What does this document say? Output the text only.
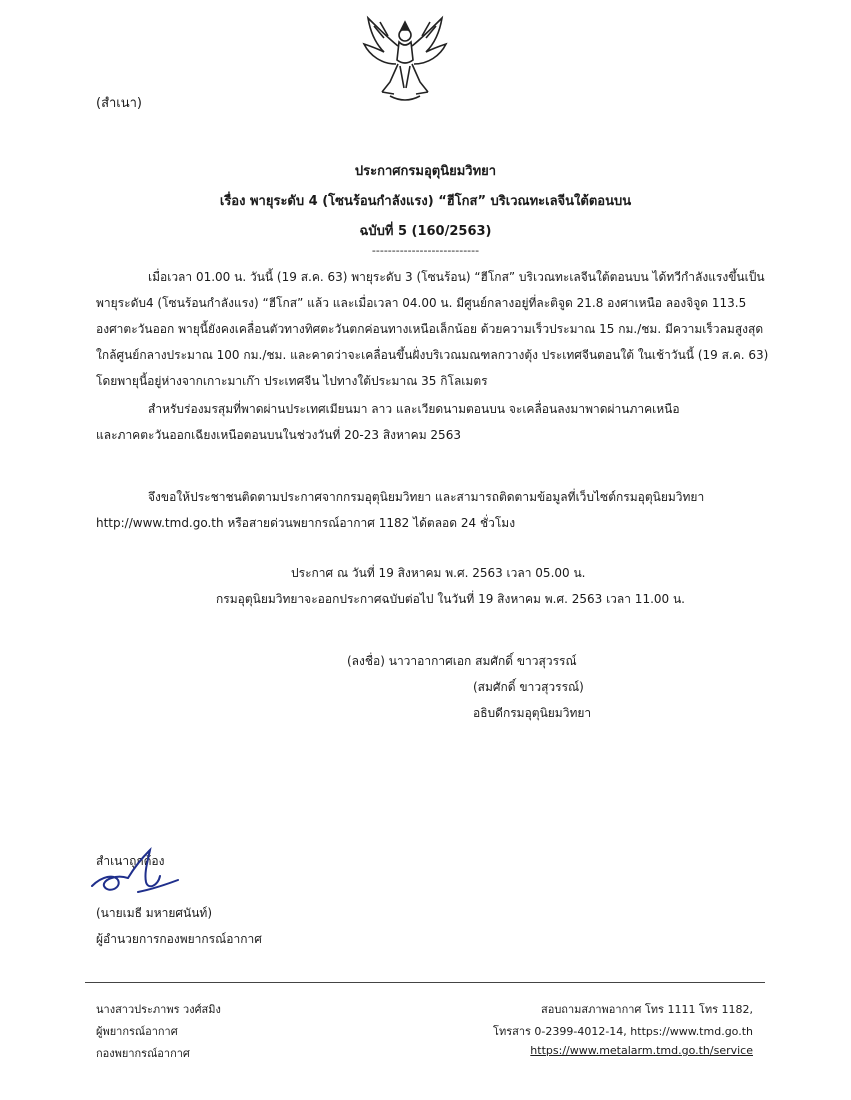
(สำเนา)
ประกาศกรมอุตุนิยมวิทยา
เรื่อง พายุระดับ 4 (โซนร้อนกำลังแรง) “ฮีโกส” บริเวณทะเลจีนใต้ตอนบน
ฉบับที่ 5 (160/2563)
---------------------------
เมื่อเวลา 01.00 น. วันนี้ (19 ส.ค. 63) พายุระดับ 3 (โซนร้อน) “ฮีโกส” บริเวณทะเลจีนใต้ตอนบน ได้ทวีกำลังแรงขึ้นเป็น
พายุระดับ4 (โซนร้อนกำลังแรง) “ฮีโกส” แล้ว และเมื่อเวลา 04.00 น. มีศูนย์กลางอยู่ที่ละติจูด 21.8 องศาเหนือ ลองจิจูด 113.5
องศาตะวันออก พายุนี้ยังคงเคลื่อนตัวทางทิศตะวันตกค่อนทางเหนือเล็กน้อย ด้วยความเร็วประมาณ 15 กม./ชม. มีความเร็วลมสูงสุด
ใกล้ศูนย์กลางประมาณ 100 กม./ชม. และคาดว่าจะเคลื่อนขึ้นฝั่งบริเวณมณฑลกวางตุ้ง ประเทศจีนตอนใต้ ในเช้าวันนี้ (19 ส.ค. 63)
โดยพายุนี้อยู่ห่างจากเกาะมาเก๊า ประเทศจีน ไปทางใต้ประมาณ 35 กิโลเมตร
สำหรับร่องมรสุมที่พาดผ่านประเทศเมียนมา ลาว และเวียดนามตอนบน จะเคลื่อนลงมาพาดผ่านภาคเหนือ
และภาคตะวันออกเฉียงเหนือตอนบนในช่วงวันที่ 20-23 สิงหาคม 2563
จึงขอให้ประชาชนติดตามประกาศจากกรมอุตุนิยมวิทยา และสามารถติดตามข้อมูลที่เว็บไซต์กรมอุตุนิยมวิทยา
http://www.tmd.go.th หรือสายด่วนพยากรณ์อากาศ 1182 ได้ตลอด 24 ชั่วโมง
ประกาศ ณ วันที่ 19 สิงหาคม พ.ศ. 2563 เวลา 05.00 น.
กรมอุตุนิยมวิทยาจะออกประกาศฉบับต่อไป ในวันที่ 19 สิงหาคม พ.ศ. 2563 เวลา 11.00 น.
(ลงชื่อ) นาวาอากาศเอก สมศักดิ์ ขาวสุวรรณ์
(สมศักดิ์ ขาวสุวรรณ์)
อธิบดีกรมอุตุนิยมวิทยา
สำเนาถูกต้อง
(นายเมธี มหายศนันท์)
ผู้อำนวยการกองพยากรณ์อากาศ
นางสาวประภาพร วงศ์สมิง
ผู้พยากรณ์อากาศ
กองพยากรณ์อากาศ
สอบถามสภาพอากาศ โทร 1111 โทร 1182,
โทรสาร 0-2399-4012-14, https://www.tmd.go.th
https://www.metalarm.tmd.go.th/service
